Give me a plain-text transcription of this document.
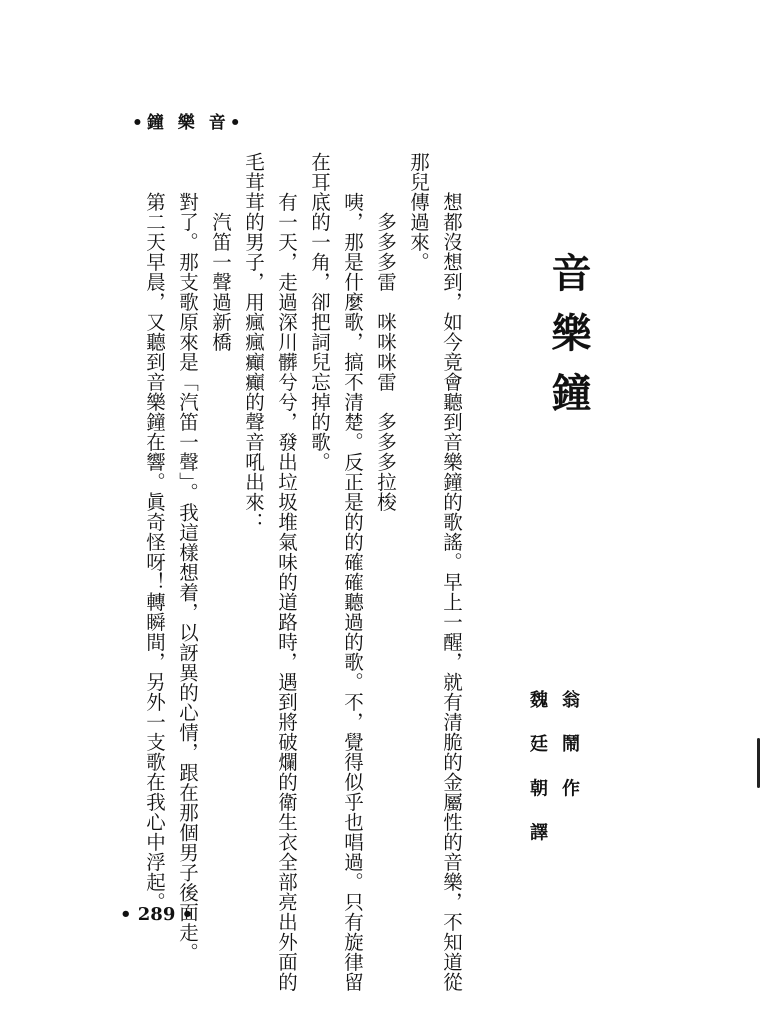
•鐘 樂 音•
音樂鐘
翁 鬧 作
魏 廷 朝 譯
想都沒想到，如今竟會聽到音樂鐘的歌謠。早上一醒，就有清脆的金屬性的音樂，不知道從
那兒傳過來。
多多多雷　咪咪咪雷　多多多拉梭
咦，那是什麼歌，搞不清楚。反正是的的確確聽過的歌。不，覺得似乎也唱過。只有旋律留
在耳底的一角，卻把詞兒忘掉的歌。
有一天，走過深川髒兮兮，發出垃圾堆氣味的道路時，遇到將破爛的衛生衣全部亮出外面的
毛茸茸的男子，用瘋瘋癲癲的聲音吼出來：
汽笛一聲過新橋
對了。那支歌原來是「汽笛一聲」。我這樣想着，以訝異的心情，跟在那個男子後面走。
第二天早晨，又聽到音樂鐘在響。眞奇怪呀！轉瞬間，另外一支歌在我心中浮起。
• 289 •
